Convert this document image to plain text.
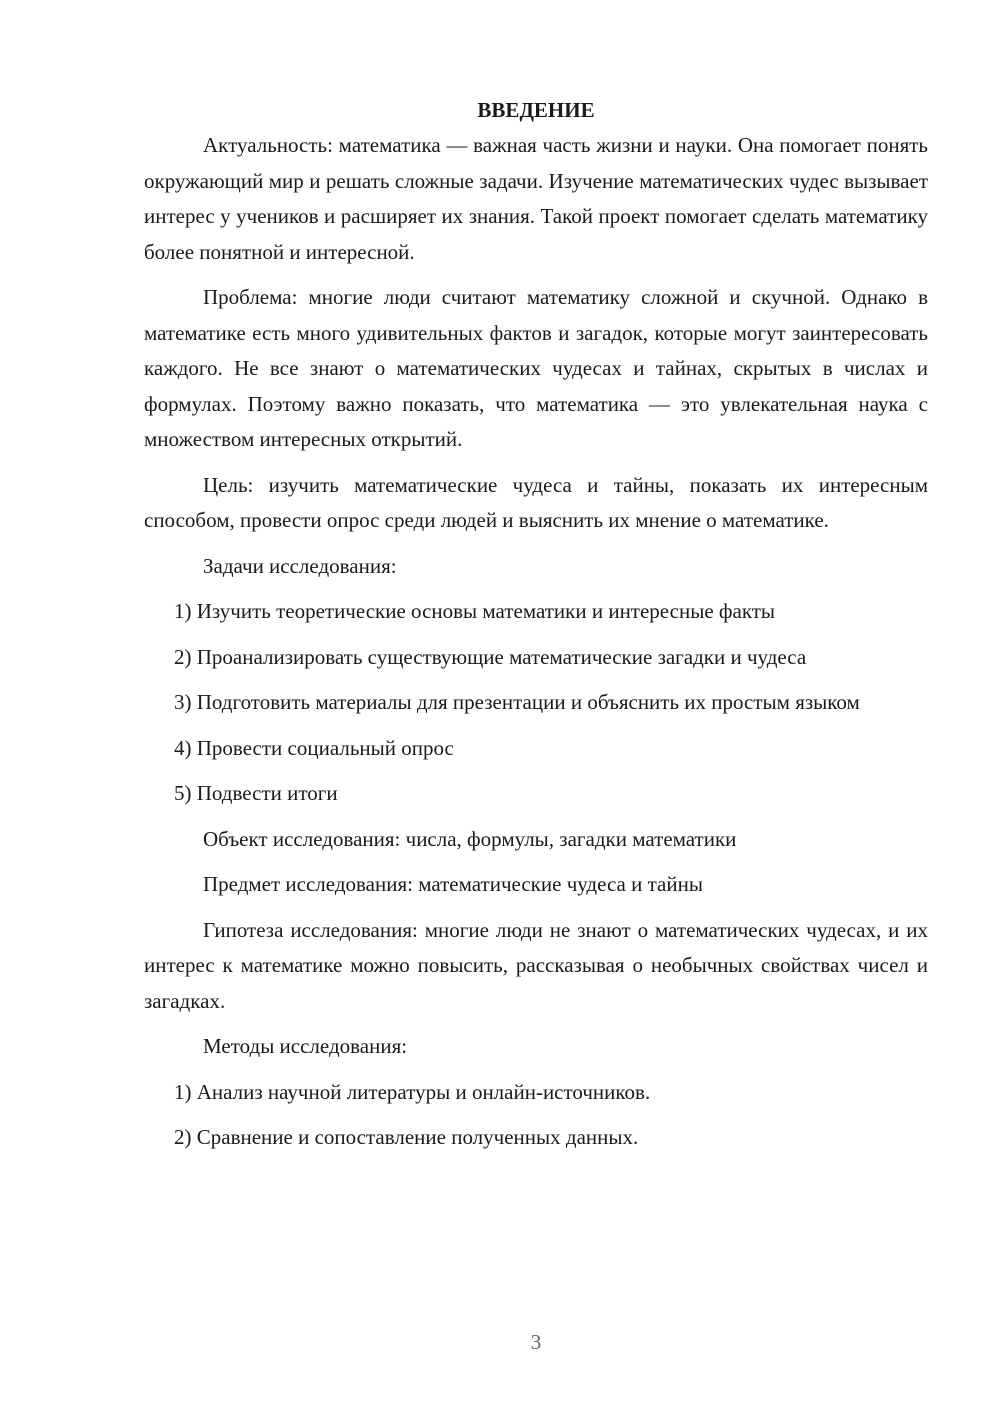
ВВЕДЕНИЕ

Актуальность: математика — важная часть жизни и науки. Она помогает понять окружающий мир и решать сложные задачи. Изучение математических чудес вызывает интерес у учеников и расширяет их знания. Такой проект помогает сделать математику более понятной и интересной.

Проблема: многие люди считают математику сложной и скучной. Однако в математике есть много удивительных фактов и загадок, которые могут заинтересовать каждого. Не все знают о математических чудесах и тайнах, скрытых в числах и формулах. Поэтому важно показать, что математика — это увлекательная наука с множеством интересных открытий.

Цель: изучить математические чудеса и тайны, показать их интересным способом, провести опрос среди людей и выяснить их мнение о математике.

Задачи исследования:

1) Изучить теоретические основы математики и интересные факты

2) Проанализировать существующие математические загадки и чудеса

3) Подготовить материалы для презентации и объяснить их простым языком

4) Провести социальный опрос

5) Подвести итоги

Объект исследования: числа, формулы, загадки математики

Предмет исследования: математические чудеса и тайны

Гипотеза исследования: многие люди не знают о математических чудесах, и их интерес к математике можно повысить, рассказывая о необычных свойствах чисел и загадках.

Методы исследования:

1) Анализ научной литературы и онлайн-источников.

2) Сравнение и сопоставление полученных данных.

3
